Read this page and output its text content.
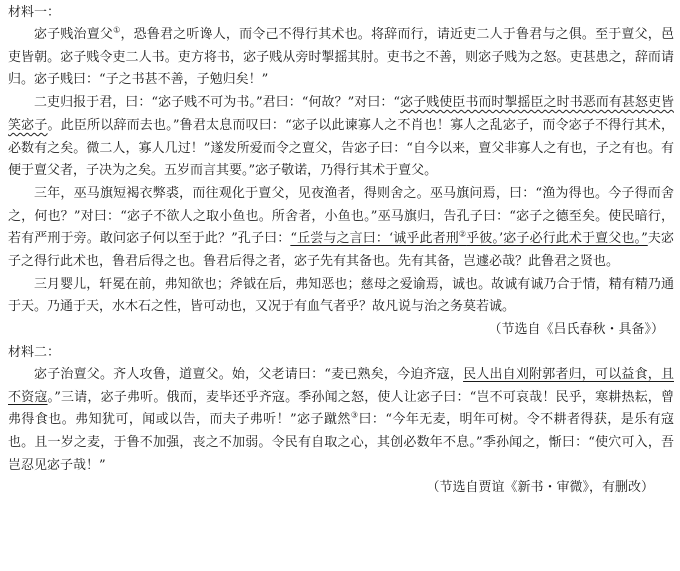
材料一：

宓子贱治亶父①，恐鲁君之听谗人，而令己不得行其术也。将辞而行，请近吏二人于鲁君与之俱。至于亶父，邑吏皆朝。宓子贱令吏二人书。吏方将书，宓子贱从旁时掣摇其肘。吏书之不善，则宓子贱为之怒。吏甚患之，辞而请归。宓子贱曰：“子之书甚不善，子勉归矣！”

二吏归报于君，曰：“宓子贱不可为书。”君曰：“何故？”对曰：“宓子贱使臣书而时掣摇臣之时书恶而有甚怒吏皆笑宓子。此臣所以辞而去也。”鲁君太息而叹曰：“宓子以此谏寡人之不肖也！寡人之乱宓子，而令宓子不得行其术，必数有之矣。微二人，寡人几过！”遂发所爱而令之亶父，告宓子曰：“自今以来，亶父非寡人之有也，子之有也。有便于亶父者，子决为之矣。五岁而言其要。”宓子敬诺，乃得行其术于亶父。

三年，巫马旗短褐衣弊裘，而往观化于亶父，见夜渔者，得则舍之。巫马旗问焉，曰：“渔为得也。今子得而舍之，何也？”对曰：“宓子不欲人之取小鱼也。所舍者，小鱼也。”巫马旗归，告孔子曰：“宓子之德至矣。使民暗行，若有严刑于旁。敢问宓子何以至于此？”孔子曰：“丘尝与之言曰：‘诚乎此者刑②乎彼。’宓子必行此术于亶父也。”夫宓子之得行此术也，鲁君后得之也。鲁君后得之者，宓子先有其备也。先有其备，岂遽必哉？此鲁君之贤也。

三月婴儿，轩冕在前，弗知欲也；斧钺在后，弗知恶也；慈母之爱谕焉，诚也。故诚有诚乃合于情，精有精乃通于天。乃通于天，水木石之性，皆可动也，又况于有血气者乎？故凡说与治之务莫若诚。

（节选自《吕氏春秋・具备》）
材料二：

宓子治亶父。齐人攻鲁，道亶父。始，父老请曰：“麦已熟矣，今迫齐寇，民人出自刈附郭者归，可以益食，且不资寇。”三请，宓子弗听。俄而，麦毕还乎齐寇。季孙闻之怒，使人让宓子曰：“岂不可哀哉！民乎，寒耕热耘，曾弗得食也。弗知犹可，闻或以告，而夫子弗听！”宓子蹴然③曰：“今年无麦，明年可树。令不耕者得获，是乐有寇也。且一岁之麦，于鲁不加强，丧之不加弱。令民有自取之心，其创必数年不息。”季孙闻之，惭曰：“使穴可入，吾岂忍见宓子哉！”

（节选自贾谊《新书・审微》，有删改）
